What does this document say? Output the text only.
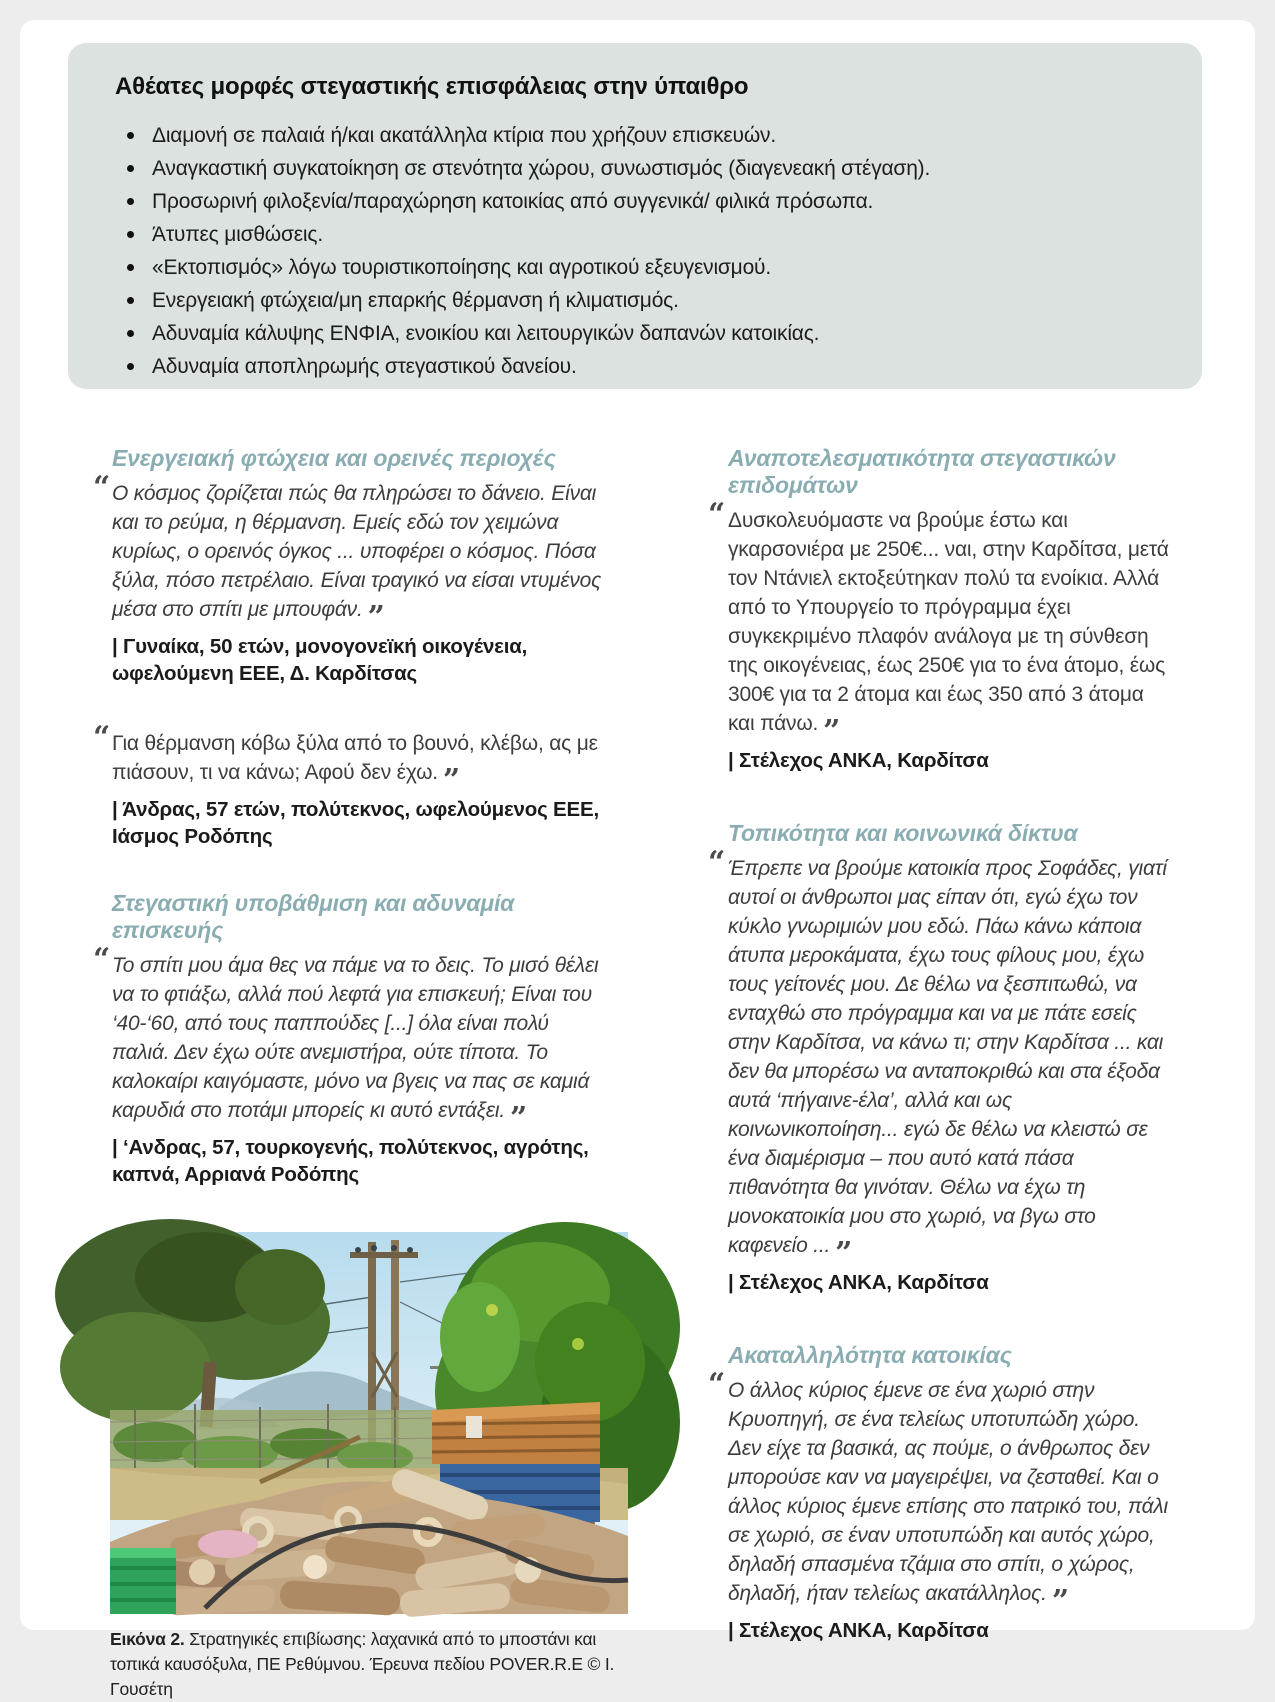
Αθέατες μορφές στεγαστικής επισφάλειας στην ύπαιθρο
Διαμονή σε παλαιά ή/και ακατάλληλα κτίρια που χρήζουν επισκευών.
Αναγκαστική συγκατοίκηση σε στενότητα χώρου, συνωστισμός (διαγενεακή στέγαση).
Προσωρινή φιλοξενία/παραχώρηση κατοικίας από συγγενικά/ φιλικά πρόσωπα.
Άτυπες μισθώσεις.
«Εκτοπισμός» λόγω τουριστικοποίησης και αγροτικού εξευγενισμού.
Ενεργειακή φτώχεια/μη επαρκής θέρμανση ή κλιματισμός.
Αδυναμία κάλυψης ΕΝΦΙΑ, ενοικίου και λειτουργικών δαπανών κατοικίας.
Αδυναμία αποπληρωμής στεγαστικού δανείου.
Ενεργειακή φτώχεια και ορεινές περιοχές
“ Ο κόσμος ζορίζεται πώς θα πληρώσει το δάνειο. Είναι και το ρεύμα, η θέρμανση. Εμείς εδώ τον χειμώνα κυρίως, ο ορεινός όγκος ... υποφέρει ο κόσμος. Πόσα ξύλα, πόσο πετρέλαιο. Είναι τραγικό να είσαι ντυμένος μέσα στο σπίτι με μπουφάν. ”
| Γυναίκα, 50 ετών, μονογονεϊκή οικογένεια, ωφελούμενη ΕΕΕ, Δ. Καρδίτσας
“ Για θέρμανση κόβω ξύλα από το βουνό, κλέβω, ας με πιάσουν, τι να κάνω; Αφού δεν έχω. ”
| Άνδρας, 57 ετών, πολύτεκνος, ωφελούμενος ΕΕΕ, Ιάσμος Ροδόπης
Στεγαστική υποβάθμιση και αδυναμία επισκευής
“ Το σπίτι μου άμα θες να πάμε να το δεις. Το μισό θέλει να το φτιάξω, αλλά πού λεφτά για επισκευή; Είναι του ‘40-‘60, από τους παππούδες [...] όλα είναι πολύ παλιά. Δεν έχω ούτε ανεμιστήρα, ούτε τίποτα. Το καλοκαίρι καιγόμαστε, μόνο να βγεις να πας σε καμιά καρυδιά στο ποτάμι μπορείς κι αυτό εντάξει. ”
| ‘Ανδρας, 57, τουρκογενής, πολύτεκνος, αγρότης, καπνά, Αρριανά Ροδόπης
Εικόνα 2. Στρατηγικές επιβίωσης: λαχανικά από το μποστάνι και τοπικά καυσόξυλα, ΠΕ Ρεθύμνου. Έρευνα πεδίου POVER.R.E © Ι. Γουσέτη
Αναποτελεσματικότητα στεγαστικών επιδομάτων
“ Δυσκολευόμαστε να βρούμε έστω και γκαρσονιέρα με 250€... ναι, στην Καρδίτσα, μετά τον Ντάνιελ εκτοξεύτηκαν πολύ τα ενοίκια. Αλλά από το Υπουργείο το πρόγραμμα έχει συγκεκριμένο πλαφόν ανάλογα με τη σύνθεση της οικογένειας, έως 250€ για το ένα άτομο, έως 300€ για τα 2 άτομα και έως 350 από 3 άτομα και πάνω. ”
| Στέλεχος ΑΝΚΑ, Καρδίτσα
Τοπικότητα και κοινωνικά δίκτυα
“ Έπρεπε να βρούμε κατοικία προς Σοφάδες, γιατί αυτοί οι άνθρωποι μας είπαν ότι, εγώ έχω τον κύκλο γνωριμιών μου εδώ. Πάω κάνω κάποια άτυπα μεροκάματα, έχω τους φίλους μου, έχω τους γείτονές μου. Δε θέλω να ξεσπιτωθώ, να ενταχθώ στο πρόγραμμα και να με πάτε εσείς στην Καρδίτσα, να κάνω τι; στην Καρδίτσα ... και δεν θα μπορέσω να ανταποκριθώ και στα έξοδα αυτά ‘πήγαινε-έλα’, αλλά και ως κοινωνικοποίηση... εγώ δε θέλω να κλειστώ σε ένα διαμέρισμα – που αυτό κατά πάσα πιθανότητα θα γινόταν. Θέλω να έχω τη μονοκατοικία μου στο χωριό, να βγω στο καφενείο ... ”
| Στέλεχος ΑΝΚΑ, Καρδίτσα
Ακαταλληλότητα κατοικίας
“ Ο άλλος κύριος έμενε σε ένα χωριό στην Κρυοπηγή, σε ένα τελείως υποτυπώδη χώρο. Δεν είχε τα βασικά, ας πούμε, ο άνθρωπος δεν μπορούσε καν να μαγειρέψει, να ζεσταθεί. Και ο άλλος κύριος έμενε επίσης στο πατρικό του, πάλι σε χωριό, σε έναν υποτυπώδη και αυτός χώρο, δηλαδή σπασμένα τζάμια στο σπίτι, ο χώρος, δηλαδή, ήταν τελείως ακατάλληλος. ”
| Στέλεχος ΑΝΚΑ, Καρδίτσα
